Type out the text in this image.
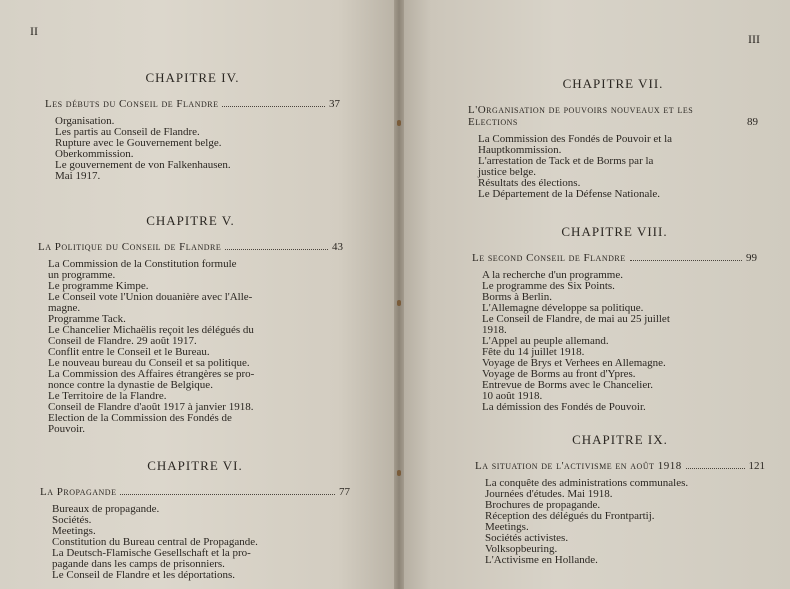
II
III
CHAPITRE IV.
Les débuts du Conseil de Flandre	37
Organisation.
Les partis au Conseil de Flandre.
Rupture avec le Gouvernement belge.
Oberkommission.
Le gouvernement de von Falkenhausen.
Mai 1917.
CHAPITRE V.
La Politique du Conseil de Flandre	43
La Commission de la Constitution formule
un programme.
Le programme Kimpe.
Le Conseil vote l'Union douanière avec l'Alle-
magne.
Programme Tack.
Le Chancelier Michaëlis reçoit les délégués du
Conseil de Flandre. 29 août 1917.
Conflit entre le Conseil et le Bureau.
Le nouveau bureau du Conseil et sa politique.
La Commission des Affaires étrangères se pro-
nonce contre la dynastie de Belgique.
Le Territoire de la Flandre.
Conseil de Flandre d'août 1917 à janvier 1918.
Election de la Commission des Fondés de
Pouvoir.
CHAPITRE VI.
La Propagande	77
Bureaux de propagande.
Sociétés.
Meetings.
Constitution du Bureau central de Propagande.
La Deutsch-Flamische Gesellschaft et la pro-
pagande dans les camps de prisonniers.
Le Conseil de Flandre et les déportations.
CHAPITRE VII.
L'Organisation de pouvoirs nouveaux et les Elections	89
La Commission des Fondés de Pouvoir et la
Hauptkommission.
L'arrestation de Tack et de Borms par la
justice belge.
Résultats des élections.
Le Département de la Défense Nationale.
CHAPITRE VIII.
Le second Conseil de Flandre	99
A la recherche d'un programme.
Le programme des Six Points.
Borms à Berlin.
L'Allemagne développe sa politique.
Le Conseil de Flandre, de mai au 25 juillet
1918.
L'Appel au peuple allemand.
Fête du 14 juillet 1918.
Voyage de Brys et Verhees en Allemagne.
Voyage de Borms au front d'Ypres.
Entrevue de Borms avec le Chancelier.
10 août 1918.
La démission des Fondés de Pouvoir.
CHAPITRE IX.
La situation de l'activisme en août 1918	121
La conquête des administrations communales.
Journées d'études. Mai 1918.
Brochures de propagande.
Réception des délégués du Frontpartij.
Meetings.
Sociétés activistes.
Volksopbeuring.
L'Activisme en Hollande.
